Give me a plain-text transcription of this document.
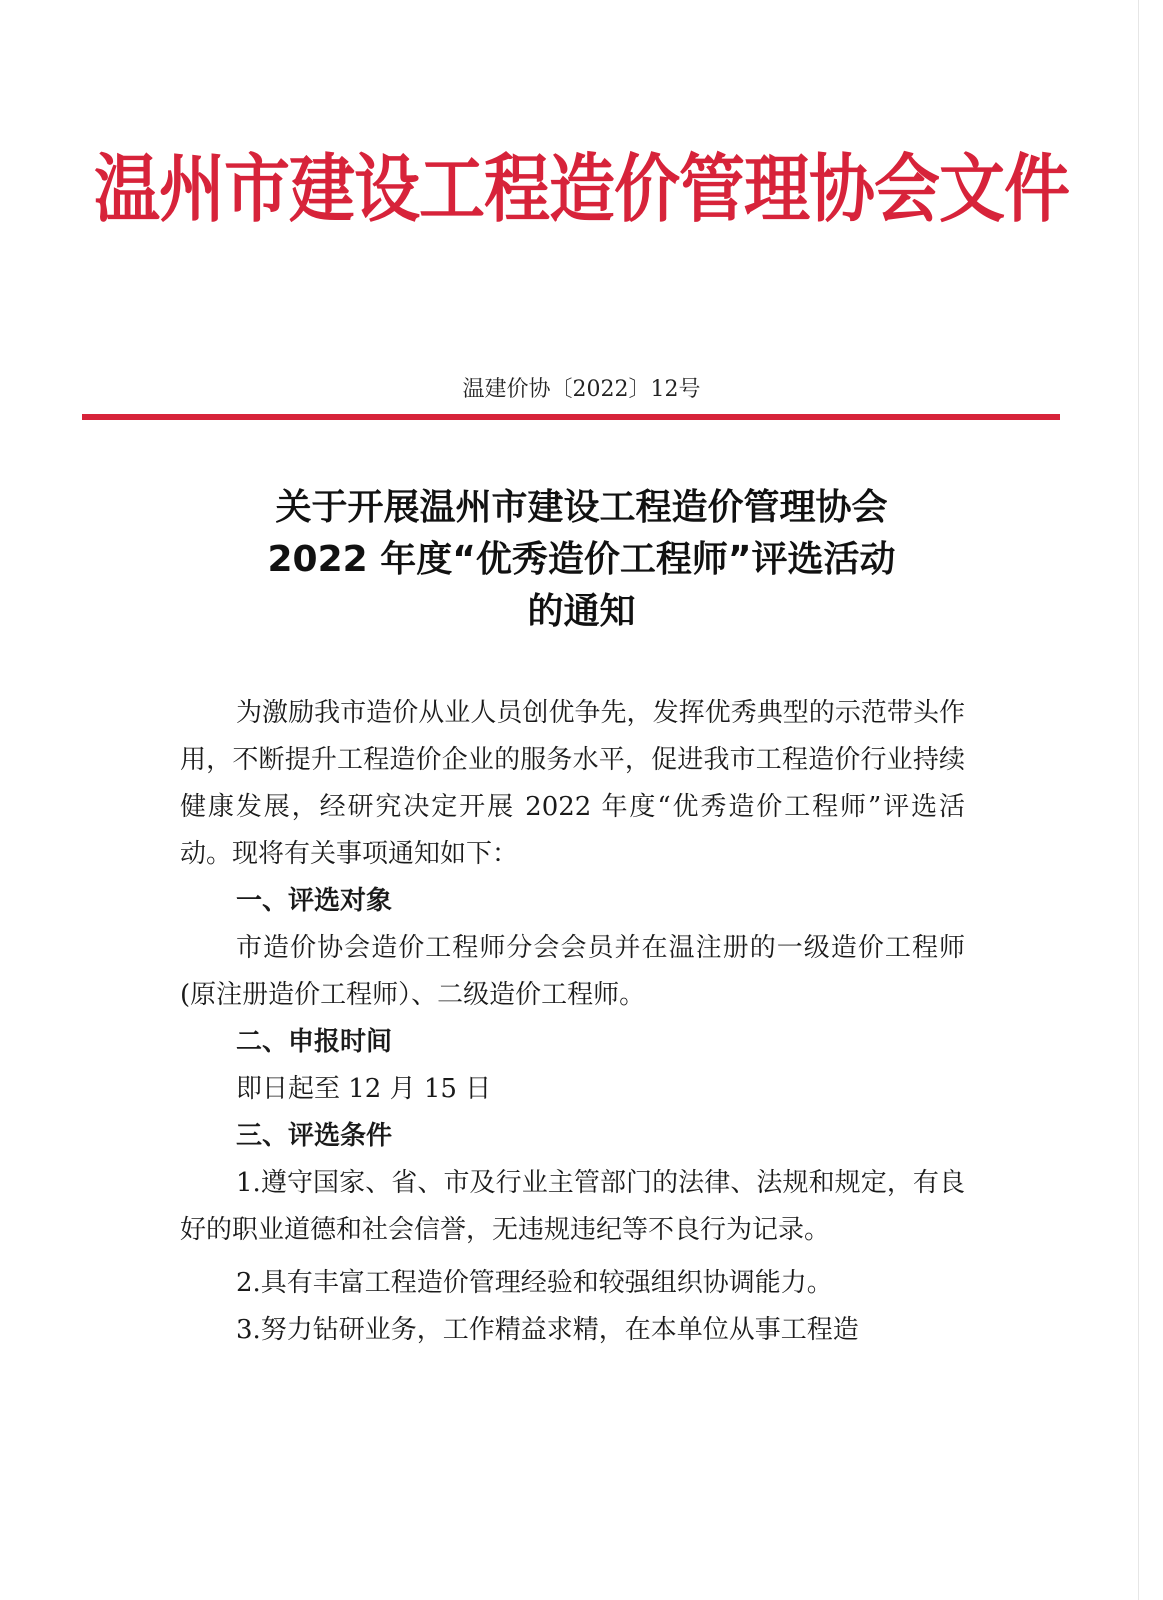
温州市建设工程造价管理协会文件
温建价协〔2022〕12号
关于开展温州市建设工程造价管理协会
2022 年度“优秀造价工程师”评选活动
的通知

为激励我市造价从业人员创优争先，发挥优秀典型的示范带头作用，不断提升工程造价企业的服务水平，促进我市工程造价行业持续健康发展，经研究决定开展 2022 年度“优秀造价工程师”评选活动。现将有关事项通知如下：

一、评选对象

市造价协会造价工程师分会会员并在温注册的一级造价工程师(原注册造价工程师）、二级造价工程师。

二、申报时间

即日起至 12 月 15 日

三、评选条件

1.遵守国家、省、市及行业主管部门的法律、法规和规定，有良好的职业道德和社会信誉，无违规违纪等不良行为记录。

2.具有丰富工程造价管理经验和较强组织协调能力。

3.努力钻研业务，工作精益求精，在本单位从事工程造
